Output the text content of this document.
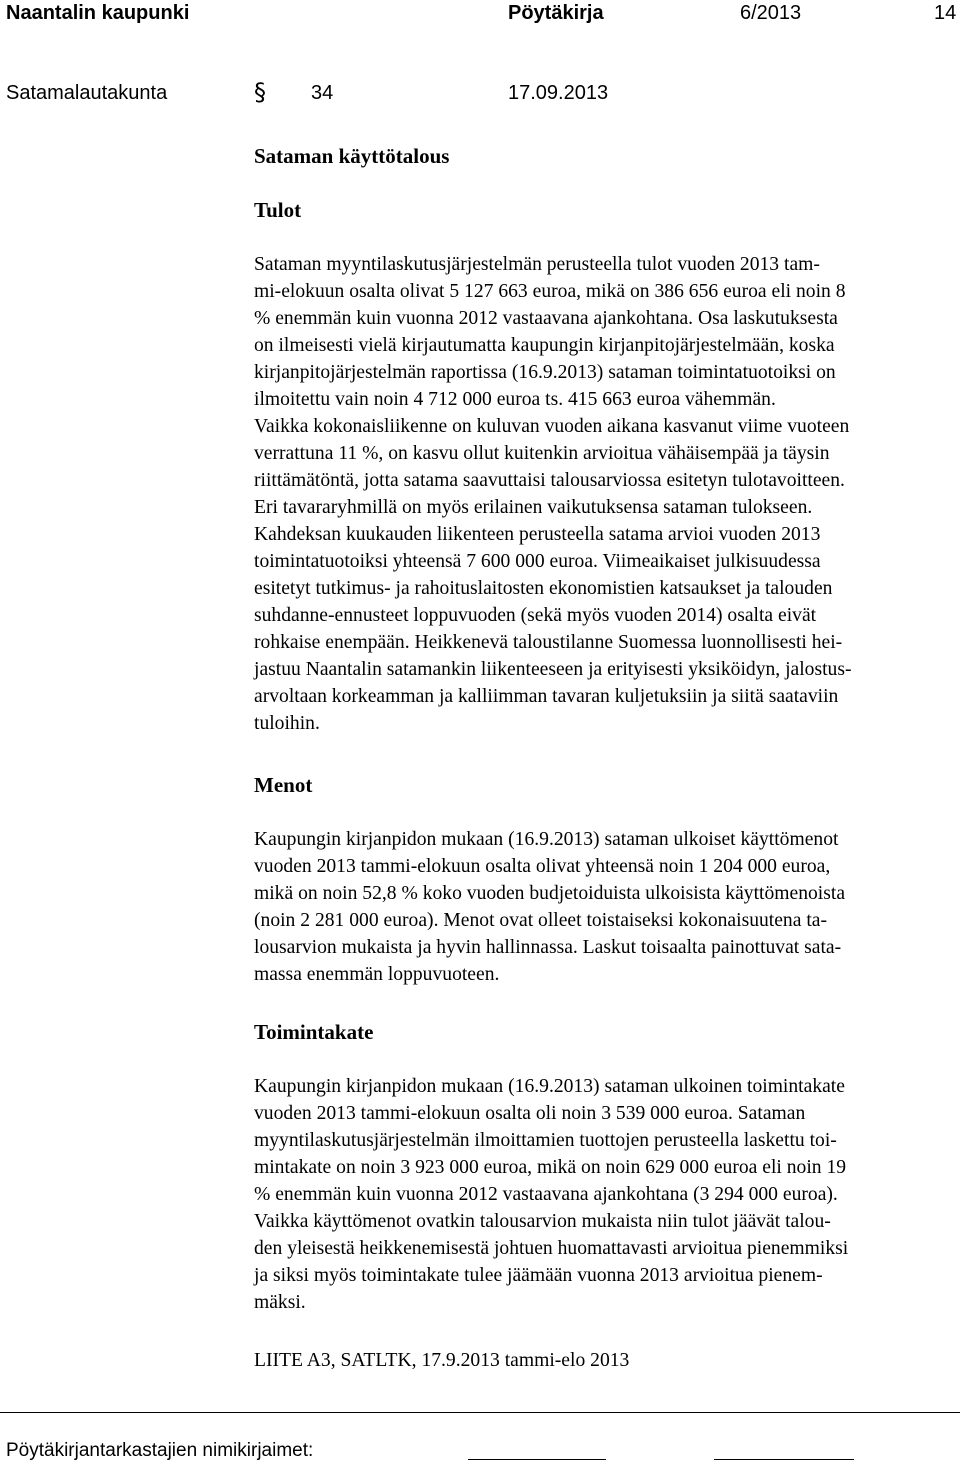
Naantalin kaupunki	Pöytäkirja	6/2013	14
Satamalautakunta	§ 34	17.09.2013
Sataman käyttötalous
Tulot
Sataman myyntilaskutusjärjestelmän perusteella tulot vuoden 2013 tam-
mi-elokuun osalta olivat 5 127 663 euroa, mikä on 386 656 euroa eli noin 8
% enemmän kuin vuonna 2012 vastaavana ajankohtana. Osa laskutuksesta
on ilmeisesti vielä kirjautumatta kaupungin kirjanpitojärjestelmään, koska
kirjanpitojärjestelmän raportissa (16.9.2013) sataman toimintatuotoiksi on
ilmoitettu vain noin 4 712 000 euroa ts. 415 663 euroa vähemmän.
Vaikka kokonaisliikenne on kuluvan vuoden aikana kasvanut viime vuoteen
verrattuna 11 %, on kasvu ollut kuitenkin arvioitua vähäisempää ja täysin
riittämätöntä, jotta satama saavuttaisi talousarviossa esitetyn tulotavoitteen.
Eri tavararyhmillä on myös erilainen vaikutuksensa sataman tulokseen.
Kahdeksan kuukauden liikenteen perusteella satama arvioi vuoden 2013
toimintatuotoiksi yhteensä 7 600 000 euroa. Viimeaikaiset julkisuudessa
esitetyt tutkimus- ja rahoituslaitosten ekonomistien katsaukset ja talouden
suhdanne-ennusteet loppuvuoden (sekä myös vuoden 2014) osalta eivät
rohkaise enempään. Heikkenevä taloustilanne Suomessa luonnollisesti hei-
jastuu Naantalin satamankin liikenteeseen ja erityisesti yksiköidyn, jalostus-
arvoltaan korkeamman ja kalliimman tavaran kuljetuksiin ja siitä saataviin
tuloihin.
Menot
Kaupungin kirjanpidon mukaan (16.9.2013) sataman ulkoiset käyttömenot
vuoden 2013 tammi-elokuun osalta olivat yhteensä noin 1 204 000 euroa,
mikä on noin 52,8 % koko vuoden budjetoiduista ulkoisista käyttömenoista
(noin 2 281 000 euroa). Menot ovat olleet toistaiseksi kokonaisuutena ta-
lousarvion mukaista ja hyvin hallinnassa. Laskut toisaalta painottuvat sata-
massa enemmän loppuvuoteen.
Toimintakate
Kaupungin kirjanpidon mukaan (16.9.2013) sataman ulkoinen toimintakate
vuoden 2013 tammi-elokuun osalta oli noin 3 539 000 euroa. Sataman
myyntilaskutusjärjestelmän ilmoittamien tuottojen perusteella laskettu toi-
mintakate on noin 3 923 000 euroa, mikä on noin 629 000 euroa eli noin 19
% enemmän kuin vuonna 2012 vastaavana ajankohtana (3 294 000 euroa).
Vaikka käyttömenot ovatkin talousarvion mukaista niin tulot jäävät talou-
den yleisestä heikkenemisestä johtuen huomattavasti arvioitua pienemmiksi
ja siksi myös toimintakate tulee jäämään vuonna 2013 arvioitua pienem-
mäksi.
LIITE A3, SATLTK, 17.9.2013 tammi-elo 2013
Pöytäkirjantarkastajien nimikirjaimet:
